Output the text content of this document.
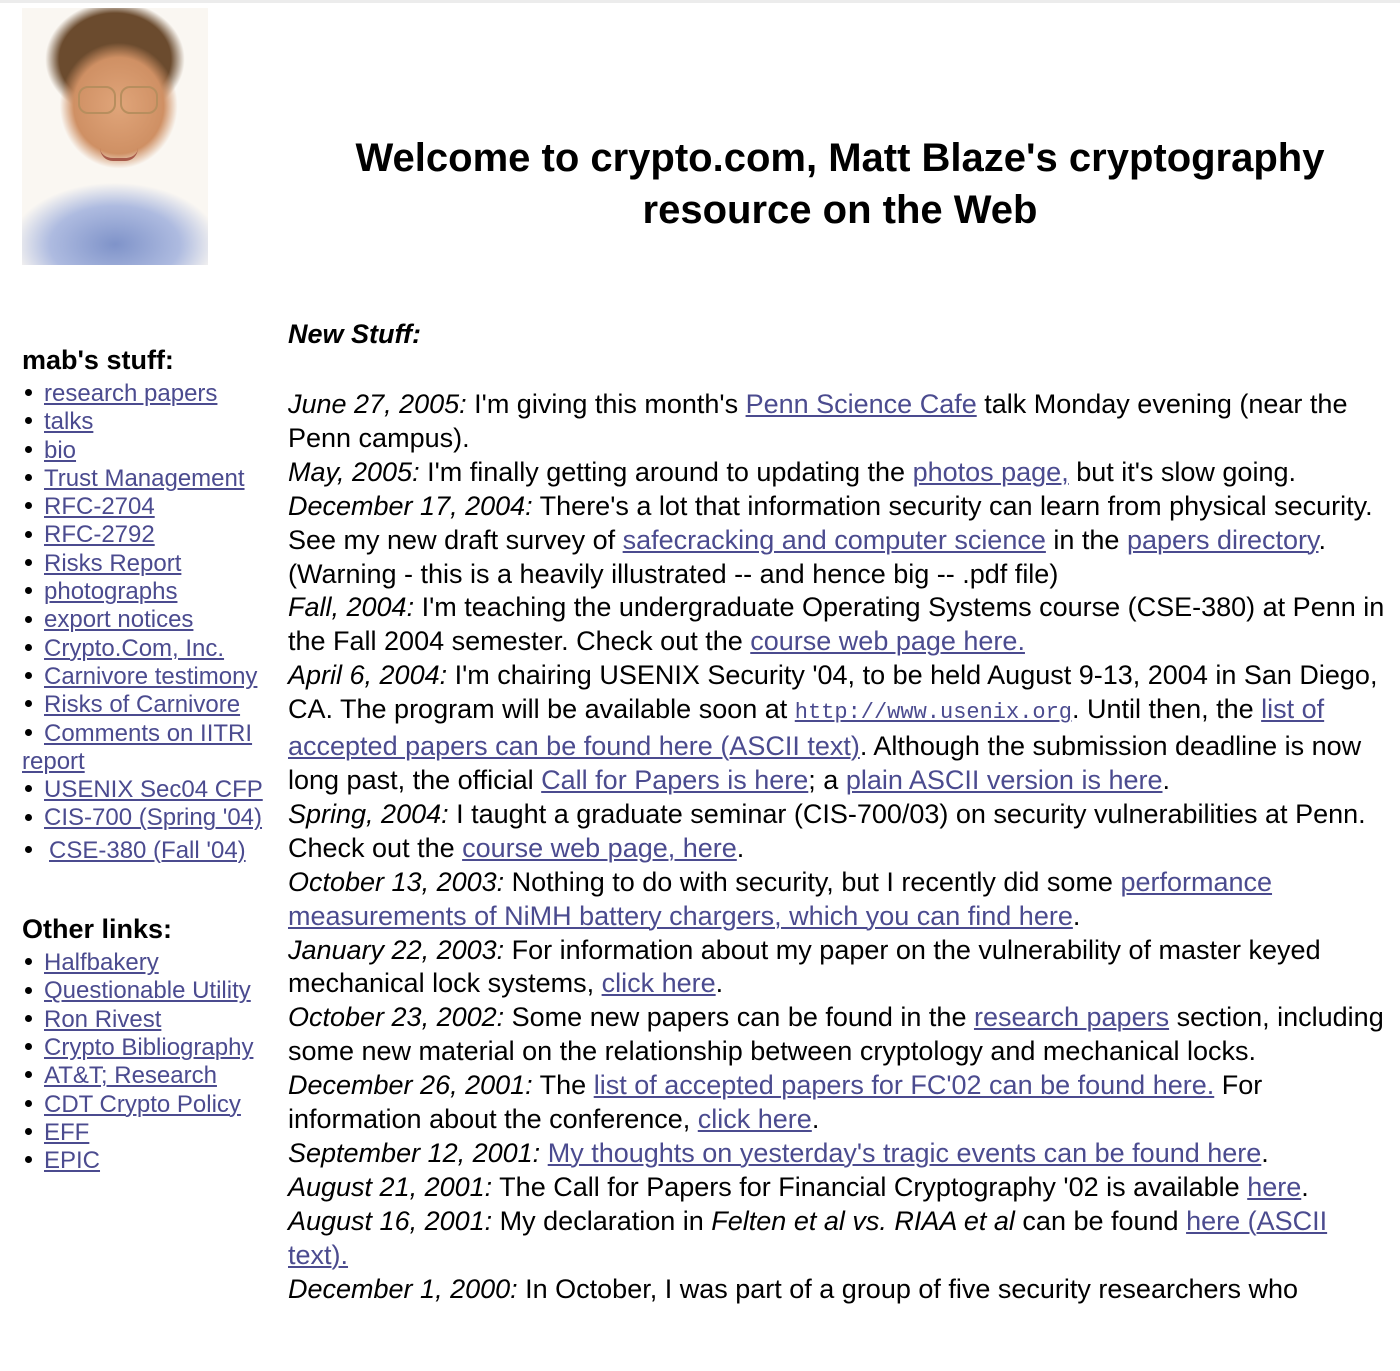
Welcome to crypto.com, Matt Blaze's cryptography resource on the Web
mab's stuff:
research papers
talks
bio
Trust Management
RFC-2704
RFC-2792
Risks Report
photographs
export notices
Crypto.Com, Inc.
Carnivore testimony
Risks of Carnivore
Comments on IITRI report
USENIX Sec04 CFP
CIS-700 (Spring '04)
CSE-380 (Fall '04)
Other links:
Halfbakery
Questionable Utility
Ron Rivest
Crypto Bibliography
AT&T; Research
CDT Crypto Policy
EFF
EPIC
New Stuff:
June 27, 2005: I'm giving this month's Penn Science Cafe talk Monday evening (near the Penn campus).
May, 2005: I'm finally getting around to updating the photos page, but it's slow going.
December 17, 2004: There's a lot that information security can learn from physical security. See my new draft survey of safecracking and computer science in the papers directory. (Warning - this is a heavily illustrated -- and hence big -- .pdf file)
Fall, 2004: I'm teaching the undergraduate Operating Systems course (CSE-380) at Penn in the Fall 2004 semester. Check out the course web page here.
April 6, 2004: I'm chairing USENIX Security '04, to be held August 9-13, 2004 in San Diego, CA. The program will be available soon at http://www.usenix.org. Until then, the list of accepted papers can be found here (ASCII text). Although the submission deadline is now long past, the official Call for Papers is here; a plain ASCII version is here.
Spring, 2004: I taught a graduate seminar (CIS-700/03) on security vulnerabilities at Penn. Check out the course web page, here.
October 13, 2003: Nothing to do with security, but I recently did some performance measurements of NiMH battery chargers, which you can find here.
January 22, 2003: For information about my paper on the vulnerability of master keyed mechanical lock systems, click here.
October 23, 2002: Some new papers can be found in the research papers section, including some new material on the relationship between cryptology and mechanical locks.
December 26, 2001: The list of accepted papers for FC'02 can be found here. For information about the conference, click here.
September 12, 2001: My thoughts on yesterday's tragic events can be found here.
August 21, 2001: The Call for Papers for Financial Cryptography '02 is available here.
August 16, 2001: My declaration in Felten et al vs. RIAA et al can be found here (ASCII text).
December 1, 2000: In October, I was part of a group of five security researchers who
